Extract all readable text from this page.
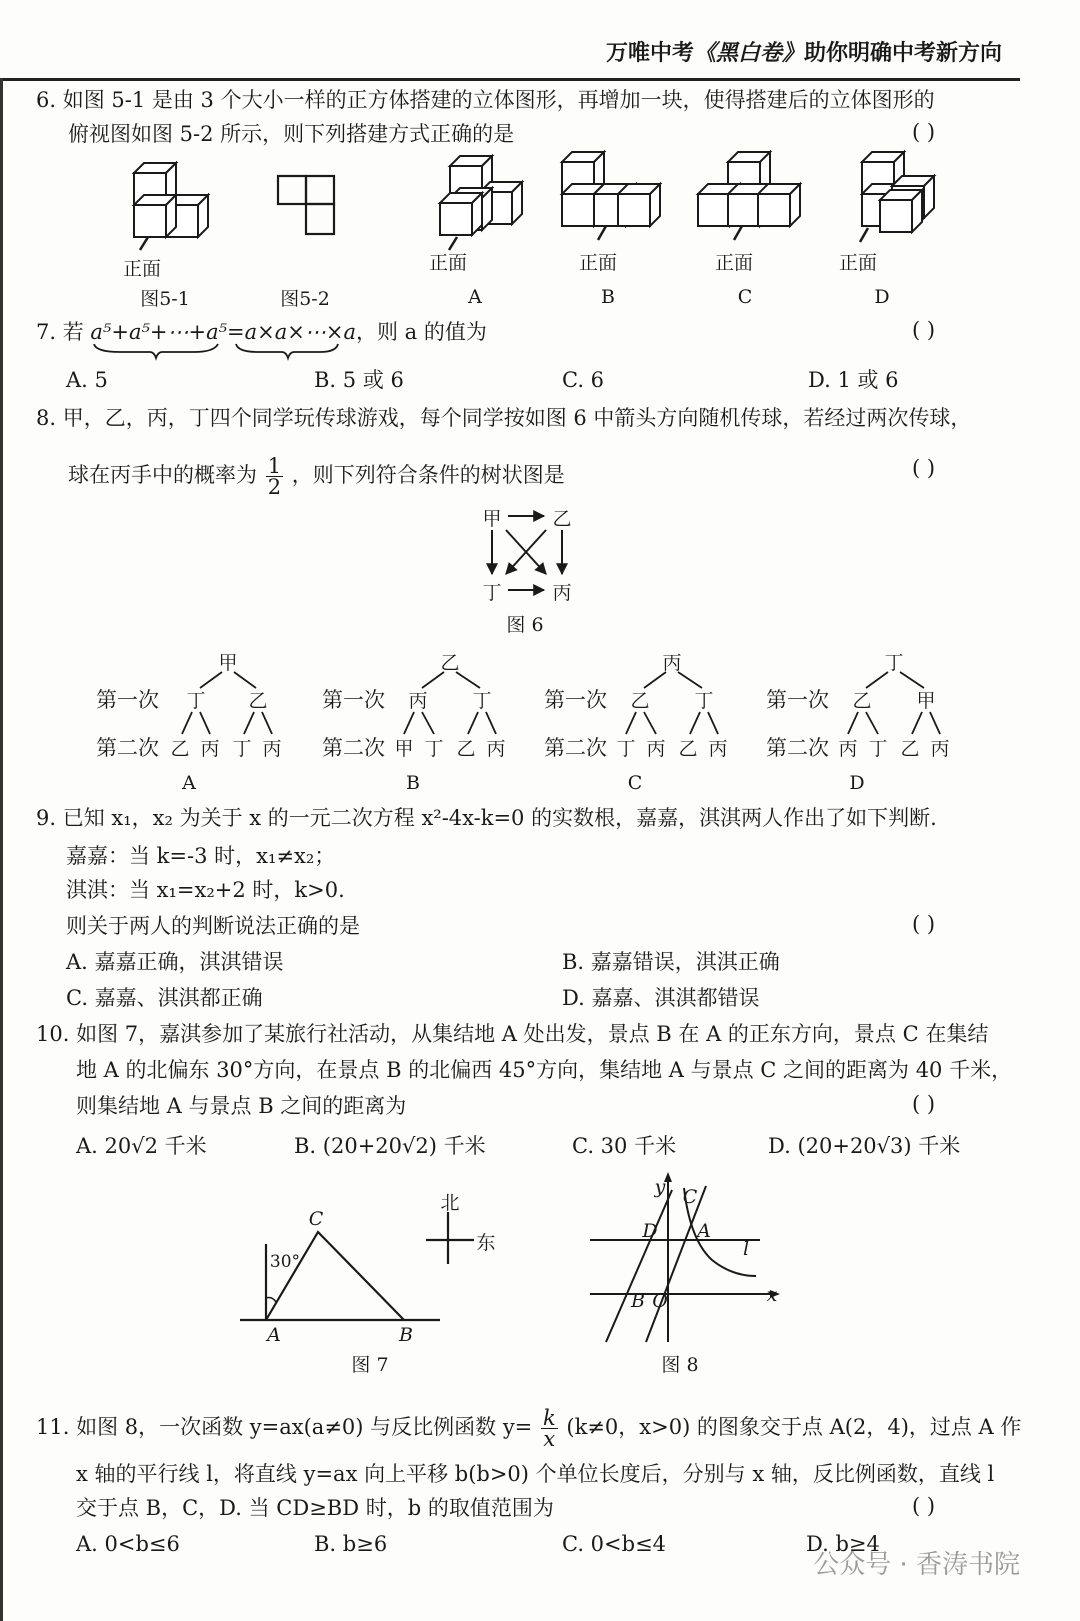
万唯中考《黑白卷》助你明确中考新方向
6. 如图 5-1 是由 3 个大小一样的正方体搭建的立体图形，再增加一块，使得搭建后的立体图形的
俯视图如图 5-2 所示，则下列搭建方式正确的是	( )
正面	正面	正面	正面	正面
图5-1	图5-2	A	B	C	D
7. 若 a⁵+a⁵+⋯+a⁵=a×a×⋯×a，则 a 的值为	( )
A. 5	B. 5 或 6	C. 6	D. 1 或 6
8. 甲，乙，丙，丁四个同学玩传球游戏，每个同学按如图 6 中箭头方向随机传球，若经过两次传球，
球在丙手中的概率为 $\frac{1}{2}$ ，则下列符合条件的树状图是	( )
甲	乙
丁	丙
图 6
第一次
第二次
第一次
第二次
第一次
第二次
第一次
第二次
甲
丁 乙
乙 丙 丁 丙
A
乙
丙 丁
甲 丁 乙 丙
B
丙
乙 丁
丁 丙 乙 丙
C
丁
乙 甲
丙 丁 乙 丙
D
9. 已知 x₁，x₂ 为关于 x 的一元二次方程 x²-4x-k=0 的实数根，嘉嘉，淇淇两人作出了如下判断.
嘉嘉：当 k=-3 时，x₁≠x₂；
淇淇：当 x₁=x₂+2 时，k>0.
则关于两人的判断说法正确的是	( )
A. 嘉嘉正确，淇淇错误	B. 嘉嘉错误，淇淇正确
C. 嘉嘉、淇淇都正确	D. 嘉嘉、淇淇都错误
10. 如图 7，嘉淇参加了某旅行社活动，从集结地 A 处出发，景点 B 在 A 的正东方向，景点 C 在集结
地 A 的北偏东 30°方向，在景点 B 的北偏西 45°方向，集结地 A 与景点 C 之间的距离为 40 千米，
则集结地 A 与景点 B 之间的距离为	( )
A. 20√2 千米	B. (20+20√2) 千米	C. 30 千米	D. (20+20√3) 千米
C
A	B
30°
北
东
图 7
y
x
C
D A
l
B O
图 8
11. 如图 8，一次函数 y=ax(a≠0) 与反比例函数 $y= \frac{k}{x} (k\ne 0$，x>0) 的图象交于点 A(2，4)，过点 A 作
x 轴的平行线 l，将直线 y=ax 向上平移 b(b>0) 个单位长度后，分别与 x 轴，反比例函数，直线 l
交于点 B，C，D. 当 CD≥BD 时，b 的取值范围为	( )
A. 0<b≤6	B. b≥6	C. 0<b≤4	D. b≥4
公众号 · 香涛书院
